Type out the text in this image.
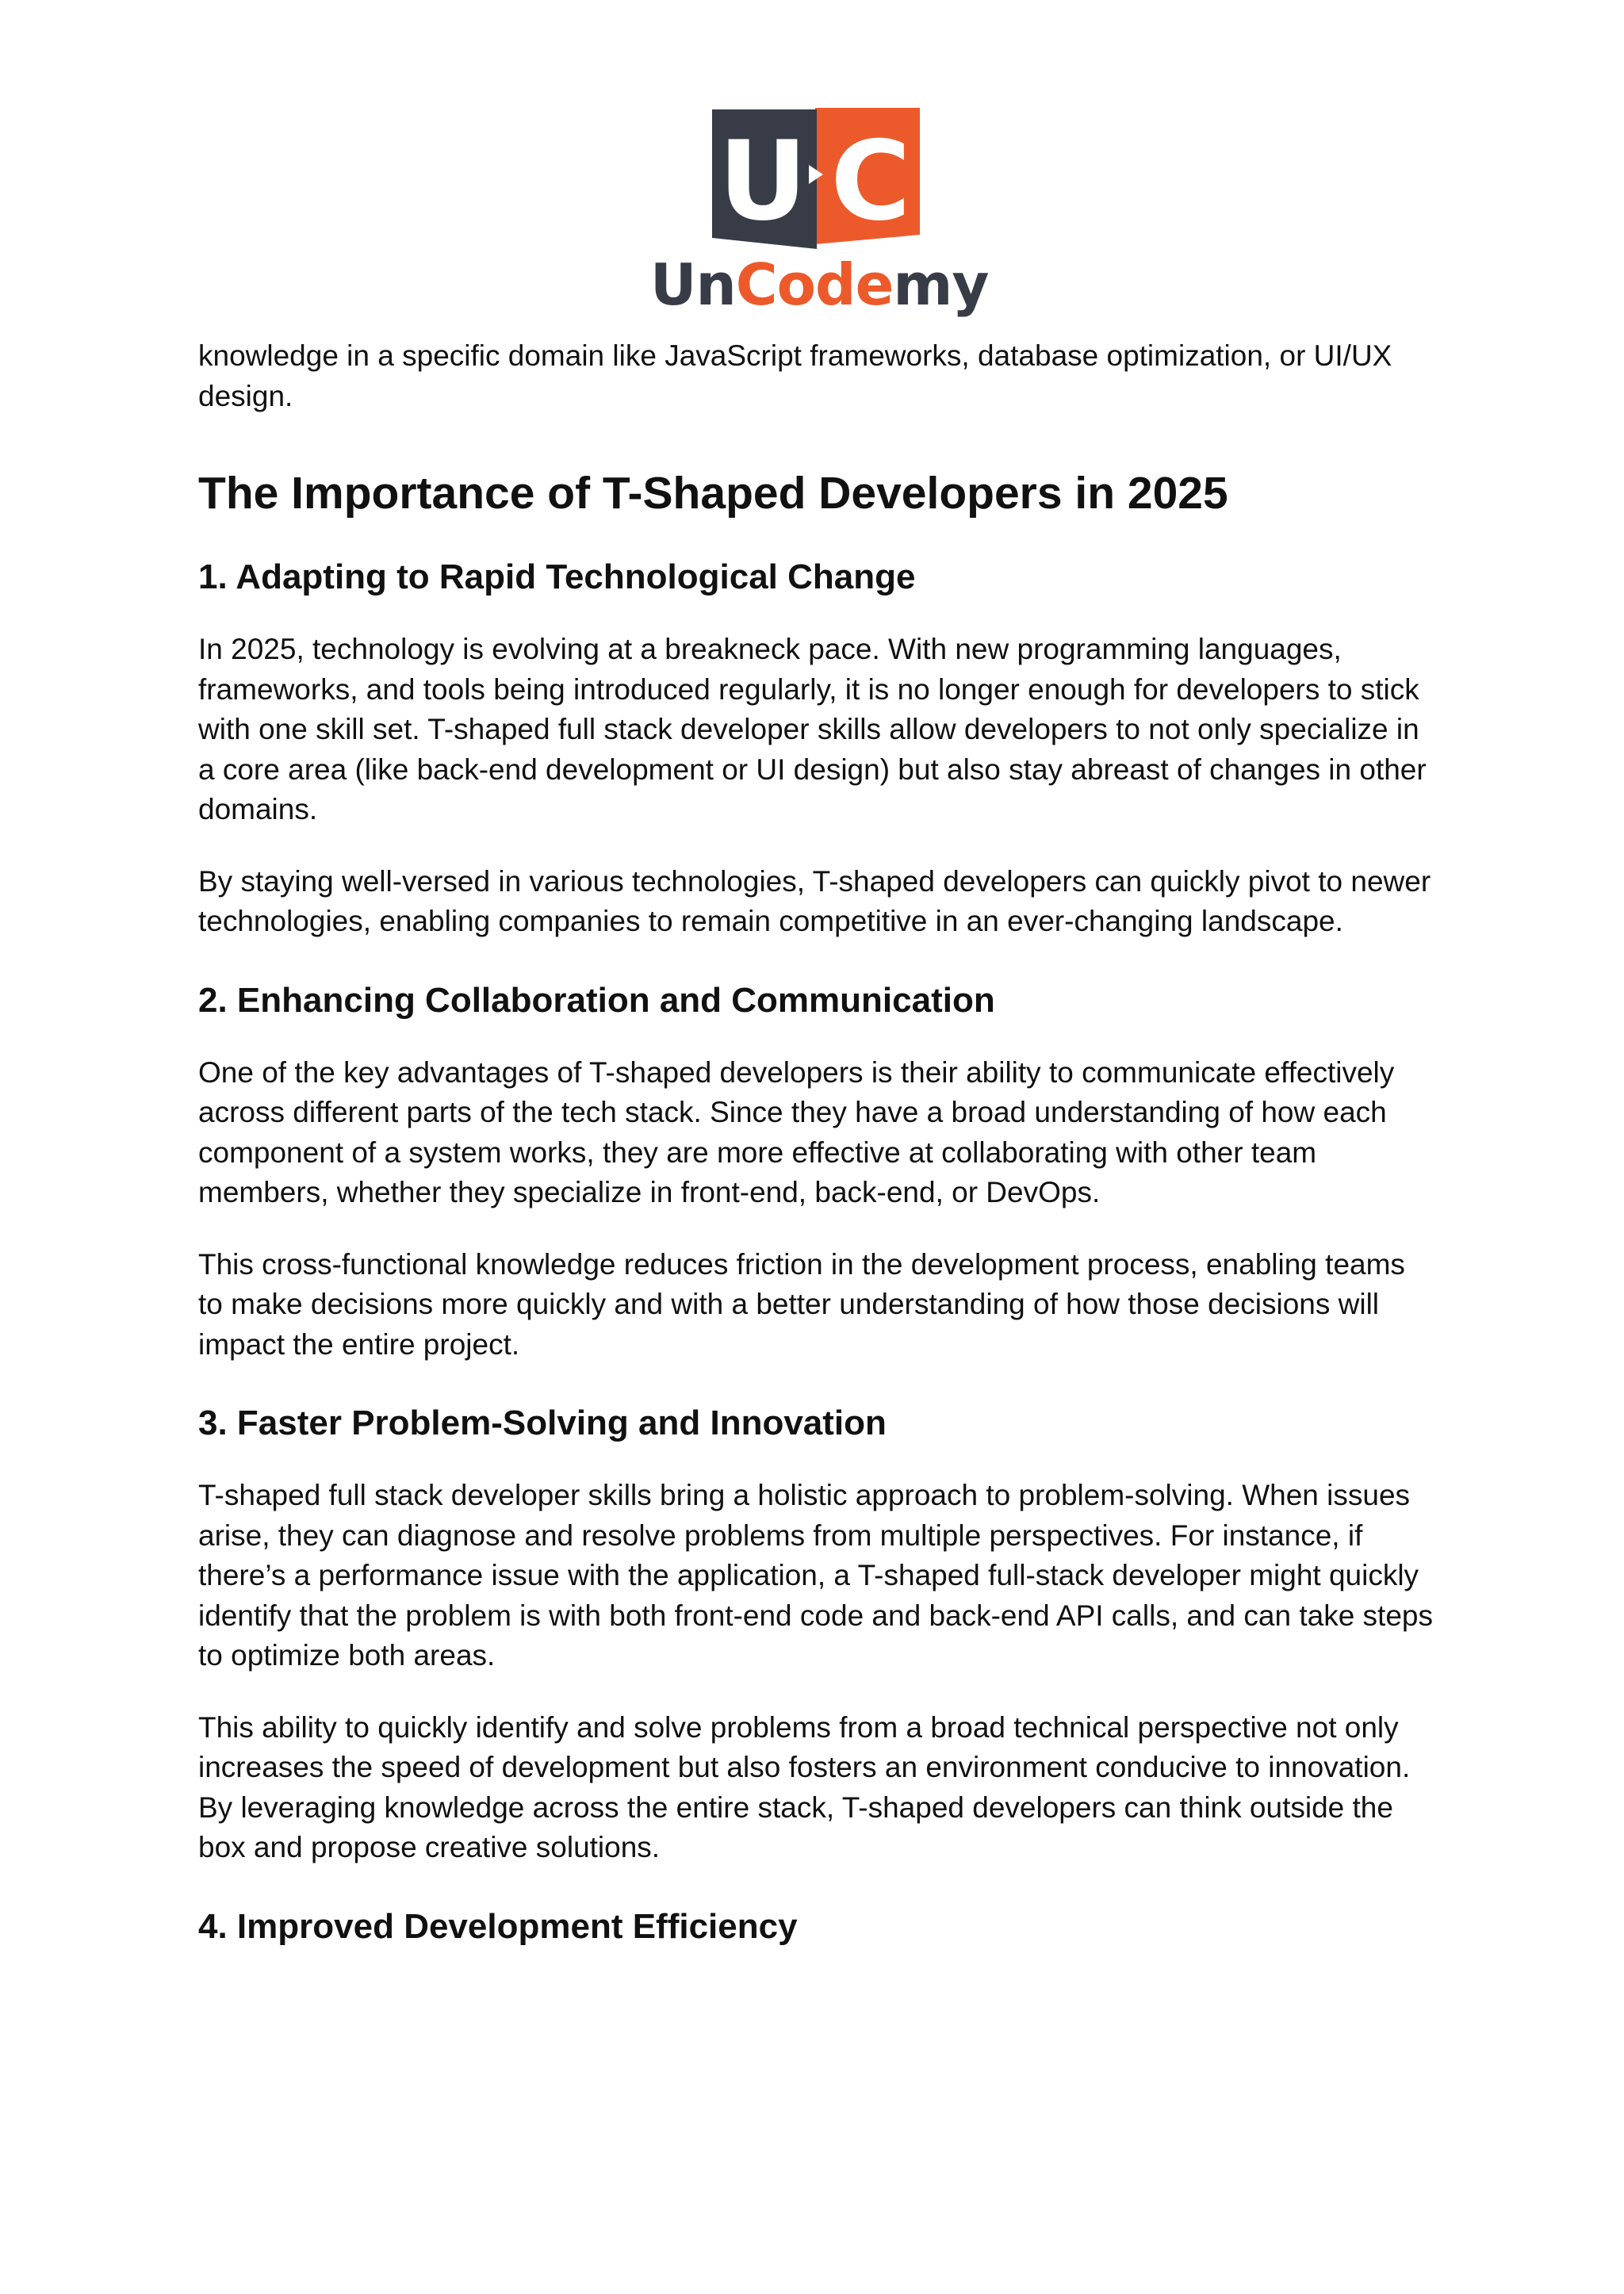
U C
UnCodemy

knowledge in a specific domain like JavaScript frameworks, database optimization, or UI/UX design.

The Importance of T-Shaped Developers in 2025
1. Adapting to Rapid Technological Change

In 2025, technology is evolving at a breakneck pace. With new programming languages, frameworks, and tools being introduced regularly, it is no longer enough for developers to stick with one skill set. T-shaped full stack developer skills allow developers to not only specialize in a core area (like back-end development or UI design) but also stay abreast of changes in other domains.

By staying well-versed in various technologies, T-shaped developers can quickly pivot to newer technologies, enabling companies to remain competitive in an ever-changing landscape.

2. Enhancing Collaboration and Communication

One of the key advantages of T-shaped developers is their ability to communicate effectively across different parts of the tech stack. Since they have a broad understanding of how each component of a system works, they are more effective at collaborating with other team members, whether they specialize in front-end, back-end, or DevOps.

This cross-functional knowledge reduces friction in the development process, enabling teams to make decisions more quickly and with a better understanding of how those decisions will impact the entire project.

3. Faster Problem-Solving and Innovation

T-shaped full stack developer skills bring a holistic approach to problem-solving. When issues arise, they can diagnose and resolve problems from multiple perspectives. For instance, if there’s a performance issue with the application, a T-shaped full-stack developer might quickly identify that the problem is with both front-end code and back-end API calls, and can take steps to optimize both areas.

This ability to quickly identify and solve problems from a broad technical perspective not only increases the speed of development but also fosters an environment conducive to innovation. By leveraging knowledge across the entire stack, T-shaped developers can think outside the box and propose creative solutions.

4. Improved Development Efficiency
